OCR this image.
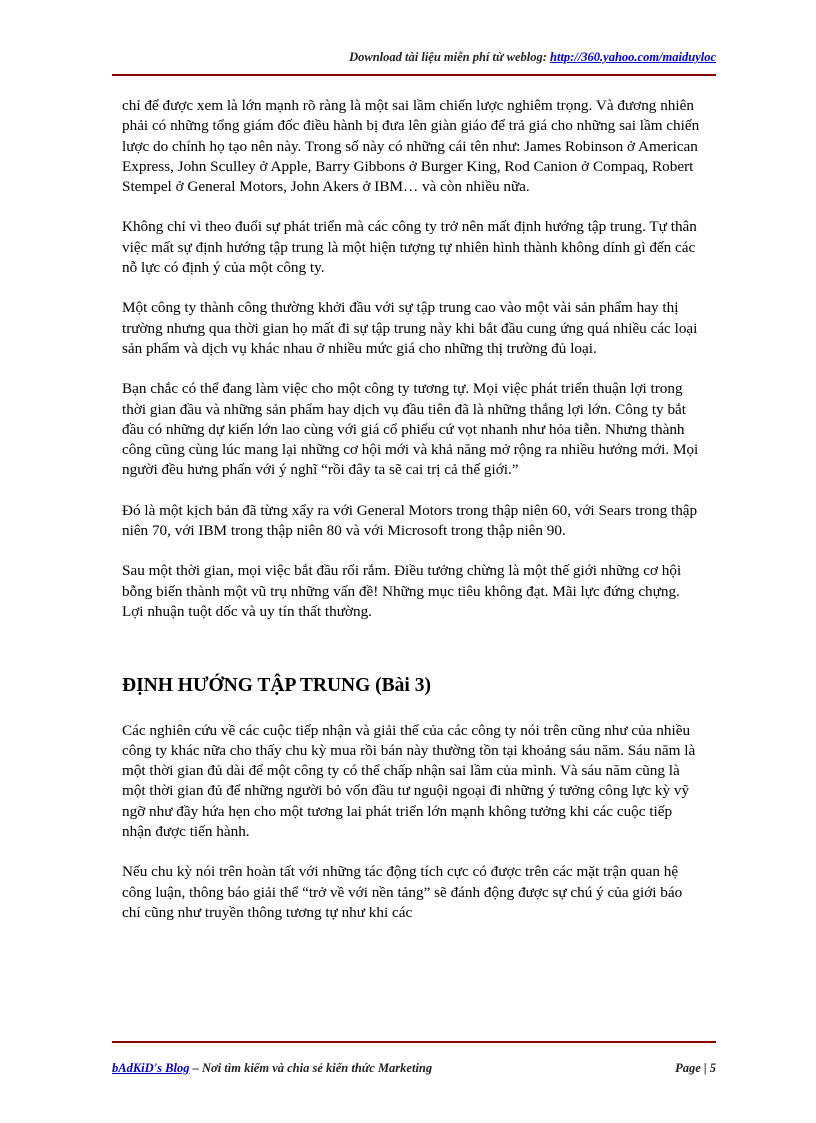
Download tài liệu miễn phí từ weblog: http://360.yahoo.com/maiduyloc

chỉ để được xem là lớn mạnh rõ ràng là một sai lầm chiến lược nghiêm trọng. Và đương nhiên phải có những tổng giám đốc điều hành bị đưa lên giàn giáo để trả giá cho những sai lầm chiến lược do chính họ tạo nên này. Trong số này có những cái tên như: James Robinson ở American Express, John Sculley ở Apple, Barry Gibbons ở Burger King, Rod Canion ở Compaq, Robert Stempel ở General Motors, John Akers ở IBM… và còn nhiều nữa.

Không chỉ vì theo đuổi sự phát triển mà các công ty trở nên mất định hướng tập trung. Tự thân việc mất sự định hướng tập trung là một hiện tượng tự nhiên hình thành không dính gì đến các nỗ lực có định ý của một công ty.

Một công ty thành công thường khởi đầu với sự tập trung cao vào một vài sản phẩm hay thị trường nhưng qua thời gian họ mất đi sự tập trung này khi bắt đầu cung ứng quá nhiều các loại sản phẩm và dịch vụ khác nhau ở nhiều mức giá cho những thị trường đủ loại.

Bạn chắc có thể đang làm việc cho một công ty tương tự. Mọi việc phát triển thuận lợi trong thời gian đầu và những sản phẩm hay dịch vụ đầu tiên đã là những thắng lợi lớn. Công ty bắt đầu có những dự kiến lớn lao cùng với giá cổ phiếu cứ vọt nhanh như hỏa tiễn. Nhưng thành công cũng cùng lúc mang lại những cơ hội mới và khả năng mở rộng ra nhiều hướng mới. Mọi người đều hưng phấn với ý nghĩ “rồi đây ta sẽ cai trị cả thế giới.”

Đó là một kịch bản đã từng xẩy ra với General Motors trong thập niên 60, với Sears trong thập niên 70, với IBM trong thập niên 80 và với Microsoft trong thập niên 90.

Sau một thời gian, mọi việc bắt đầu rối rắm. Điều tưởng chừng là một thế giới những cơ hội bỗng biến thành một vũ trụ những vấn đề! Những mục tiêu không đạt. Mãi lực đứng chựng. Lợi nhuận tuột dốc và uy tín thất thường.

ĐỊNH HƯỚNG TẬP TRUNG (Bài 3)

Các nghiên cứu về các cuộc tiếp nhận và giải thể của các công ty nói trên cũng như của nhiều công ty khác nữa cho thấy chu kỳ mua rồi bán này thường tồn tại khoảng sáu năm. Sáu năm là một thời gian đủ dài để một công ty có thể chấp nhận sai lầm của mình. Và sáu năm cũng là một thời gian đủ để những người bỏ vốn đầu tư nguội ngoại đi những ý tưởng công lực kỳ vỹ ngỡ như đầy hứa hẹn cho một tương lai phát triển lớn mạnh không tưởng khi các cuộc tiếp nhận được tiến hành.

Nếu chu kỳ nói trên hoàn tất với những tác động tích cực có được trên các mặt trận quan hệ công luận, thông báo giải thể “trở về với nền tảng” sẽ đánh động được sự chú ý của giới báo chí cũng như truyền thông tương tự như khi các

bAdKiD's Blog – Nơi tìm kiếm và chia sẻ kiến thức Marketing	Page | 5
